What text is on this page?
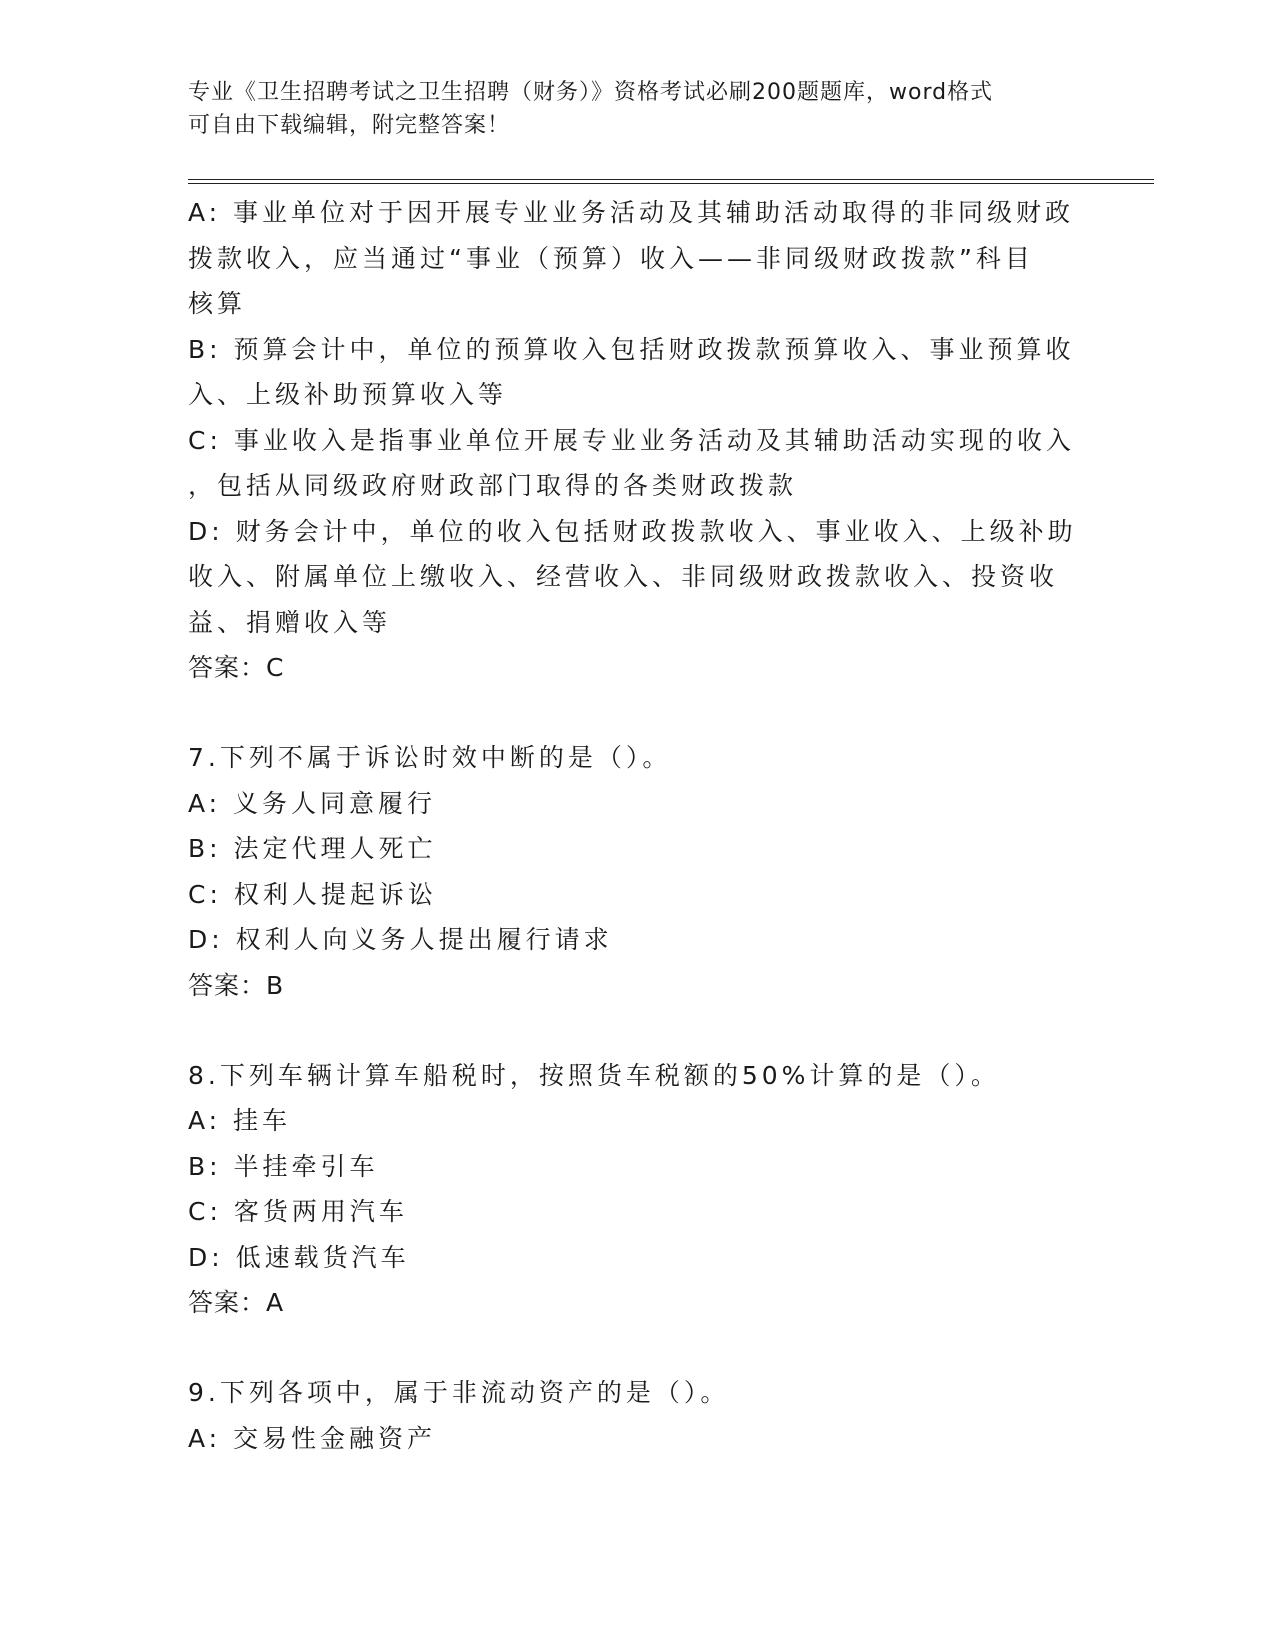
专业《卫生招聘考试之卫生招聘（财务）》资格考试必刷200题题库，word格式
可自由下载编辑，附完整答案！
A: 事业单位对于因开展专业业务活动及其辅助活动取得的非同级财政
拨款收入，应当通过“事业（预算）收入——非同级财政拨款”科目
核算
B: 预算会计中，单位的预算收入包括财政拨款预算收入、事业预算收
入、上级补助预算收入等
C: 事业收入是指事业单位开展专业业务活动及其辅助活动实现的收入
，包括从同级政府财政部门取得的各类财政拨款
D: 财务会计中，单位的收入包括财政拨款收入、事业收入、上级补助
收入、附属单位上缴收入、经营收入、非同级财政拨款收入、投资收
益、捐赠收入等
答案：C
7.下列不属于诉讼时效中断的是（）。
A: 义务人同意履行
B: 法定代理人死亡
C: 权利人提起诉讼
D: 权利人向义务人提出履行请求
答案：B
8.下列车辆计算车船税时，按照货车税额的50%计算的是（）。
A: 挂车
B: 半挂牵引车
C: 客货两用汽车
D: 低速载货汽车
答案：A
9.下列各项中，属于非流动资产的是（）。
A: 交易性金融资产
